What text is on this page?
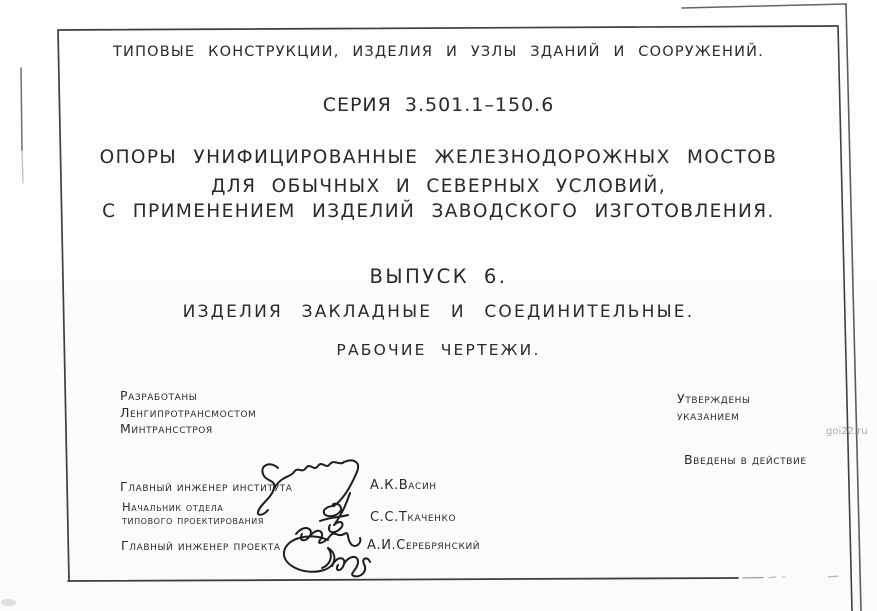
ТИПОВЫЕ КОНСТРУКЦИИ, ИЗДЕЛИЯ И УЗЛЫ ЗДАНИЙ И СООРУЖЕНИЙ.
СЕРИЯ 3.501.1–150.6
ОПОРЫ УНИФИЦИРОВАННЫЕ ЖЕЛЕЗНОДОРОЖНЫХ МОСТОВ
ДЛЯ ОБЫЧНЫХ И СЕВЕРНЫХ УСЛОВИЙ,
С ПРИМЕНЕНИЕМ ИЗДЕЛИЙ ЗАВОДСКОГО ИЗГОТОВЛЕНИЯ.
ВЫПУСК 6.
ИЗДЕЛИЯ ЗАКЛАДНЫЕ И СОЕДИНИТЕЛЬНЫЕ.
РАБОЧИЕ ЧЕРТЕЖИ.
Разработаны
Ленгипротрансмостом
Минтрансстроя
Утверждены
указанием
Введены в действие
goi22.ru
Главный инженер института	А.К.Васин
Начальник отдела
типового проектирования	С.С.Ткаченко
Главный инженер проекта	А.И.Серебрянский
